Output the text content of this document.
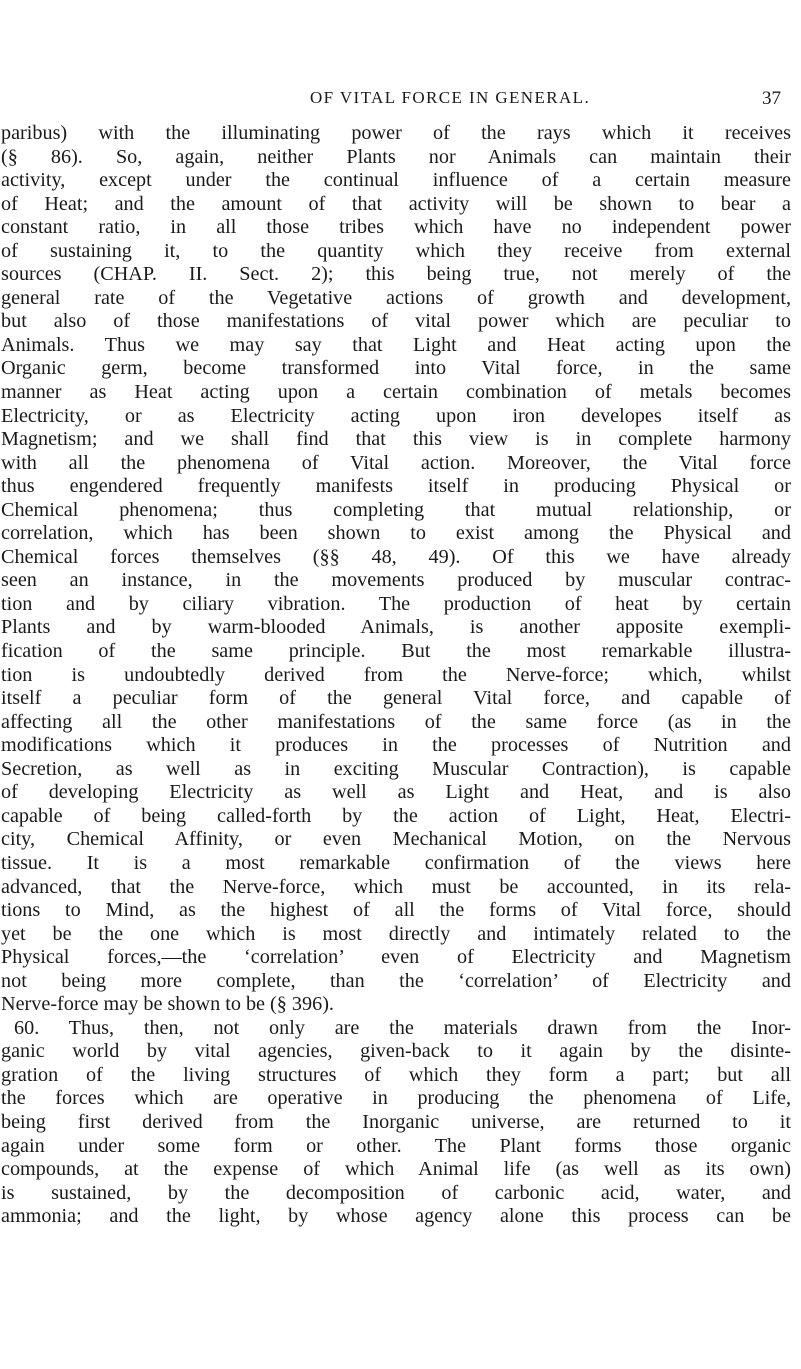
OF VITAL FORCE IN GENERAL.	37
paribus) with the illuminating power of the rays which it receives
(§ 86). So, again, neither Plants nor Animals can maintain their
activity, except under the continual influence of a certain measure
of Heat; and the amount of that activity will be shown to bear a
constant ratio, in all those tribes which have no independent power
of sustaining it, to the quantity which they receive from external
sources (CHAP. II. Sect. 2); this being true, not merely of the
general rate of the Vegetative actions of growth and development,
but also of those manifestations of vital power which are peculiar to
Animals. Thus we may say that Light and Heat acting upon the
Organic germ, become transformed into Vital force, in the same
manner as Heat acting upon a certain combination of metals becomes
Electricity, or as Electricity acting upon iron developes itself as
Magnetism; and we shall find that this view is in complete harmony
with all the phenomena of Vital action. Moreover, the Vital force
thus engendered frequently manifests itself in producing Physical or
Chemical phenomena; thus completing that mutual relationship, or
correlation, which has been shown to exist among the Physical and
Chemical forces themselves (§§ 48, 49). Of this we have already
seen an instance, in the movements produced by muscular contrac-
tion and by ciliary vibration. The production of heat by certain
Plants and by warm-blooded Animals, is another apposite exempli-
fication of the same principle. But the most remarkable illustra-
tion is undoubtedly derived from the Nerve-force; which, whilst
itself a peculiar form of the general Vital force, and capable of
affecting all the other manifestations of the same force (as in the
modifications which it produces in the processes of Nutrition and
Secretion, as well as in exciting Muscular Contraction), is capable
of developing Electricity as well as Light and Heat, and is also
capable of being called-forth by the action of Light, Heat, Electri-
city, Chemical Affinity, or even Mechanical Motion, on the Nervous
tissue. It is a most remarkable confirmation of the views here
advanced, that the Nerve-force, which must be accounted, in its rela-
tions to Mind, as the highest of all the forms of Vital force, should
yet be the one which is most directly and intimately related to the
Physical forces,—the ‘correlation’ even of Electricity and Magnetism
not being more complete, than the ‘correlation’ of Electricity and
Nerve-force may be shown to be (§ 396).
60. Thus, then, not only are the materials drawn from the Inor-
ganic world by vital agencies, given-back to it again by the disinte-
gration of the living structures of which they form a part; but all
the forces which are operative in producing the phenomena of Life,
being first derived from the Inorganic universe, are returned to it
again under some form or other. The Plant forms those organic
compounds, at the expense of which Animal life (as well as its own)
is sustained, by the decomposition of carbonic acid, water, and
ammonia; and the light, by whose agency alone this process can be
